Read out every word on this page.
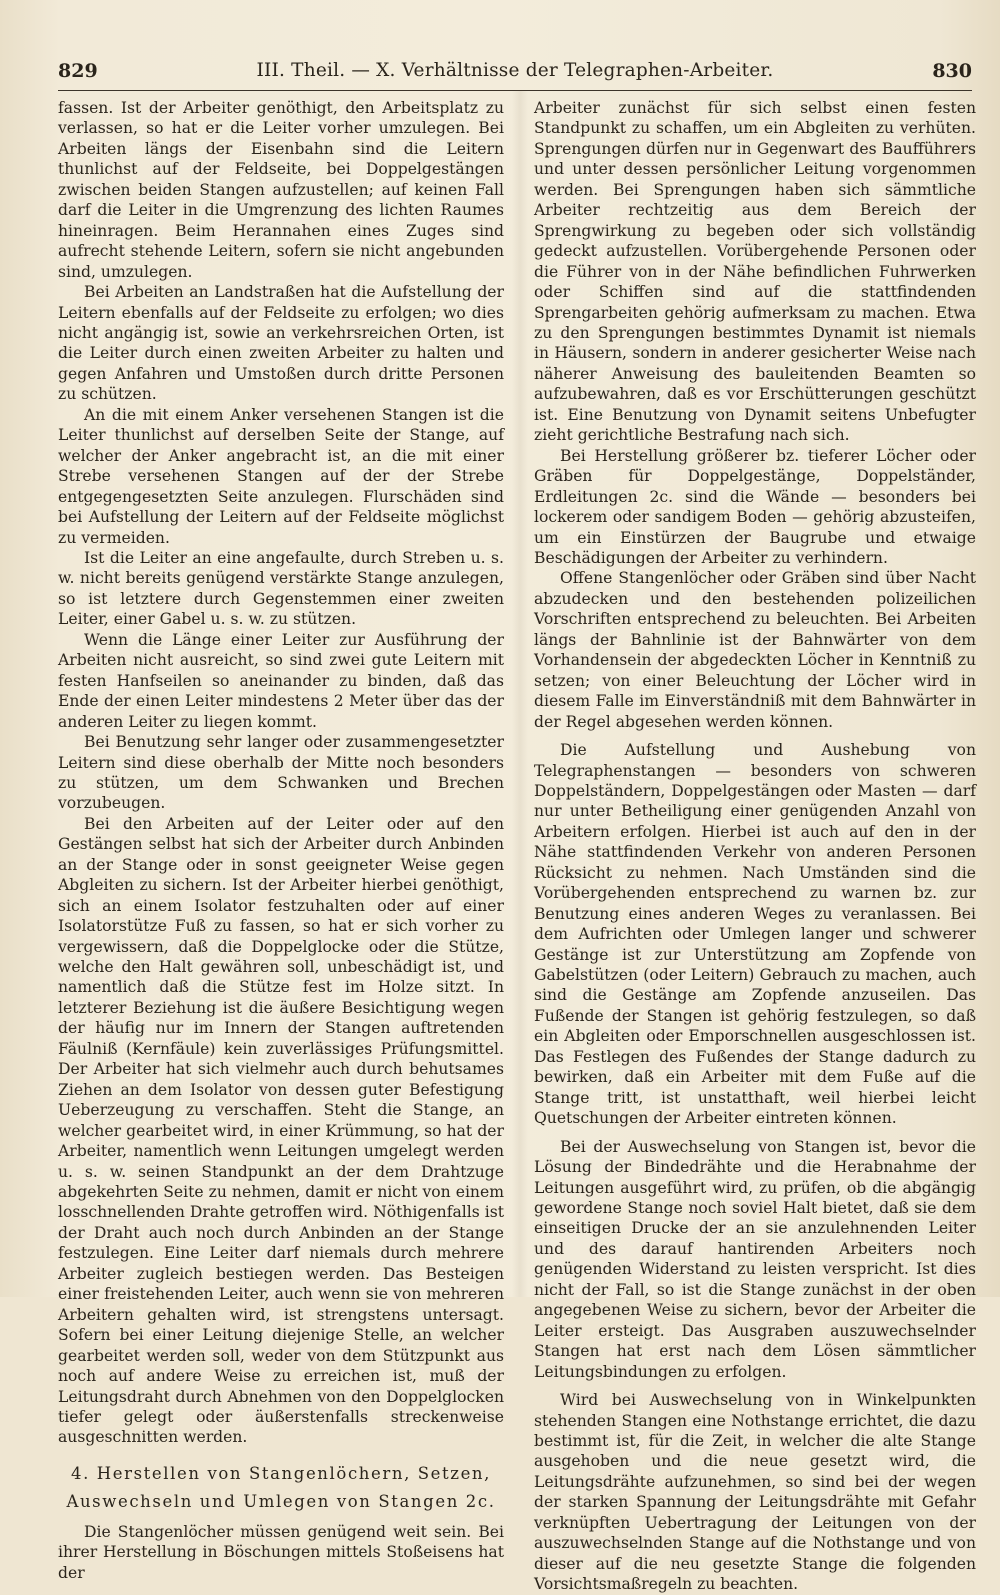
829	III. Theil. — X. Verhältnisse der Telegraphen-Arbeiter.	830

fassen. Ist der Arbeiter genöthigt, den Arbeitsplatz zu verlassen, so hat er die Leiter vorher umzulegen. Bei Arbeiten längs der Eisenbahn sind die Leitern thunlichst auf der Feldseite, bei Doppelgestängen zwischen beiden Stangen aufzustellen; auf keinen Fall darf die Leiter in die Umgrenzung des lichten Raumes hineinragen. Beim Herannahen eines Zuges sind aufrecht stehende Leitern, sofern sie nicht angebunden sind, umzulegen.

Bei Arbeiten an Landstraßen hat die Aufstellung der Leitern ebenfalls auf der Feldseite zu erfolgen; wo dies nicht angängig ist, sowie an verkehrsreichen Orten, ist die Leiter durch einen zweiten Arbeiter zu halten und gegen Anfahren und Umstoßen durch dritte Personen zu schützen.

An die mit einem Anker versehenen Stangen ist die Leiter thunlichst auf derselben Seite der Stange, auf welcher der Anker angebracht ist, an die mit einer Strebe versehenen Stangen auf der der Strebe entgegengesetzten Seite anzulegen. Flurschäden sind bei Aufstellung der Leitern auf der Feldseite möglichst zu vermeiden.

Ist die Leiter an eine angefaulte, durch Streben u. s. w. nicht bereits genügend verstärkte Stange anzulegen, so ist letztere durch Gegenstemmen einer zweiten Leiter, einer Gabel u. s. w. zu stützen.

Wenn die Länge einer Leiter zur Ausführung der Arbeiten nicht ausreicht, so sind zwei gute Leitern mit festen Hanfseilen so aneinander zu binden, daß das Ende der einen Leiter mindestens 2 Meter über das der anderen Leiter zu liegen kommt.

Bei Benutzung sehr langer oder zusammengesetzter Leitern sind diese oberhalb der Mitte noch besonders zu stützen, um dem Schwanken und Brechen vorzubeugen.

Bei den Arbeiten auf der Leiter oder auf den Gestängen selbst hat sich der Arbeiter durch Anbinden an der Stange oder in sonst geeigneter Weise gegen Abgleiten zu sichern. Ist der Arbeiter hierbei genöthigt, sich an einem Isolator festzuhalten oder auf einer Isolatorstütze Fuß zu fassen, so hat er sich vorher zu vergewissern, daß die Doppelglocke oder die Stütze, welche den Halt gewähren soll, unbeschädigt ist, und namentlich daß die Stütze fest im Holze sitzt. In letzterer Beziehung ist die äußere Besichtigung wegen der häufig nur im Innern der Stangen auftretenden Fäulniß (Kernfäule) kein zuverlässiges Prüfungsmittel. Der Arbeiter hat sich vielmehr auch durch behutsames Ziehen an dem Isolator von dessen guter Befestigung Ueberzeugung zu verschaffen. Steht die Stange, an welcher gearbeitet wird, in einer Krümmung, so hat der Arbeiter, namentlich wenn Leitungen umgelegt werden u. s. w. seinen Standpunkt an der dem Drahtzuge abgekehrten Seite zu nehmen, damit er nicht von einem losschnellenden Drahte getroffen wird. Nöthigenfalls ist der Draht auch noch durch Anbinden an der Stange festzulegen. Eine Leiter darf niemals durch mehrere Arbeiter zugleich bestiegen werden. Das Besteigen einer freistehenden Leiter, auch wenn sie von mehreren Arbeitern gehalten wird, ist strengstens untersagt. Sofern bei einer Leitung diejenige Stelle, an welcher gearbeitet werden soll, weder von dem Stützpunkt aus noch auf andere Weise zu erreichen ist, muß der Leitungsdraht durch Abnehmen von den Doppelglocken tiefer gelegt oder äußerstenfalls streckenweise ausgeschnitten werden.

4. Herstellen von Stangenlöchern, Setzen,
Auswechseln und Umlegen von Stangen 2c.

Die Stangenlöcher müssen genügend weit sein. Bei ihrer Herstellung in Böschungen mittels Stoßeisens hat der

Arbeiter zunächst für sich selbst einen festen Standpunkt zu schaffen, um ein Abgleiten zu verhüten. Sprengungen dürfen nur in Gegenwart des Baufführers und unter dessen persönlicher Leitung vorgenommen werden. Bei Sprengungen haben sich sämmtliche Arbeiter rechtzeitig aus dem Bereich der Sprengwirkung zu begeben oder sich vollständig gedeckt aufzustellen. Vorübergehende Personen oder die Führer von in der Nähe befindlichen Fuhrwerken oder Schiffen sind auf die stattfindenden Sprengarbeiten gehörig aufmerksam zu machen. Etwa zu den Sprengungen bestimmtes Dynamit ist niemals in Häusern, sondern in anderer gesicherter Weise nach näherer Anweisung des bauleitenden Beamten so aufzubewahren, daß es vor Erschütterungen geschützt ist. Eine Benutzung von Dynamit seitens Unbefugter zieht gerichtliche Bestrafung nach sich.

Bei Herstellung größerer bz. tieferer Löcher oder Gräben für Doppelgestänge, Doppelständer, Erdleitungen 2c. sind die Wände — besonders bei lockerem oder sandigem Boden — gehörig abzusteifen, um ein Einstürzen der Baugrube und etwaige Beschädigungen der Arbeiter zu verhindern.

Offene Stangenlöcher oder Gräben sind über Nacht abzudecken und den bestehenden polizeilichen Vorschriften entsprechend zu beleuchten. Bei Arbeiten längs der Bahnlinie ist der Bahnwärter von dem Vorhandensein der abgedeckten Löcher in Kenntniß zu setzen; von einer Beleuchtung der Löcher wird in diesem Falle im Einverständniß mit dem Bahnwärter in der Regel abgesehen werden können.

Die Aufstellung und Aushebung von Telegraphenstangen — besonders von schweren Doppelständern, Doppelgestängen oder Masten — darf nur unter Betheiligung einer genügenden Anzahl von Arbeitern erfolgen. Hierbei ist auch auf den in der Nähe stattfindenden Verkehr von anderen Personen Rücksicht zu nehmen. Nach Umständen sind die Vorübergehenden entsprechend zu warnen bz. zur Benutzung eines anderen Weges zu veranlassen. Bei dem Aufrichten oder Umlegen langer und schwerer Gestänge ist zur Unterstützung am Zopfende von Gabelstützen (oder Leitern) Gebrauch zu machen, auch sind die Gestänge am Zopfende anzuseilen. Das Fußende der Stangen ist gehörig festzulegen, so daß ein Abgleiten oder Emporschnellen ausgeschlossen ist. Das Festlegen des Fußendes der Stange dadurch zu bewirken, daß ein Arbeiter mit dem Fuße auf die Stange tritt, ist unstatthaft, weil hierbei leicht Quetschungen der Arbeiter eintreten können.

Bei der Auswechselung von Stangen ist, bevor die Lösung der Bindedrähte und die Herabnahme der Leitungen ausgeführt wird, zu prüfen, ob die abgängig gewordene Stange noch soviel Halt bietet, daß sie dem einseitigen Drucke der an sie anzulehnenden Leiter und des darauf hantirenden Arbeiters noch genügenden Widerstand zu leisten verspricht. Ist dies nicht der Fall, so ist die Stange zunächst in der oben angegebenen Weise zu sichern, bevor der Arbeiter die Leiter ersteigt. Das Ausgraben auszuwechselnder Stangen hat erst nach dem Lösen sämmtlicher Leitungsbindungen zu erfolgen.

Wird bei Auswechselung von in Winkelpunkten stehenden Stangen eine Nothstange errichtet, die dazu bestimmt ist, für die Zeit, in welcher die alte Stange ausgehoben und die neue gesetzt wird, die Leitungsdrähte aufzunehmen, so sind bei der wegen der starken Spannung der Leitungsdrähte mit Gefahr verknüpften Uebertragung der Leitungen von der auszuwechselnden Stange auf die Nothstange und von dieser auf die neu gesetzte Stange die folgenden Vorsichtsmaßregeln zu beachten.
